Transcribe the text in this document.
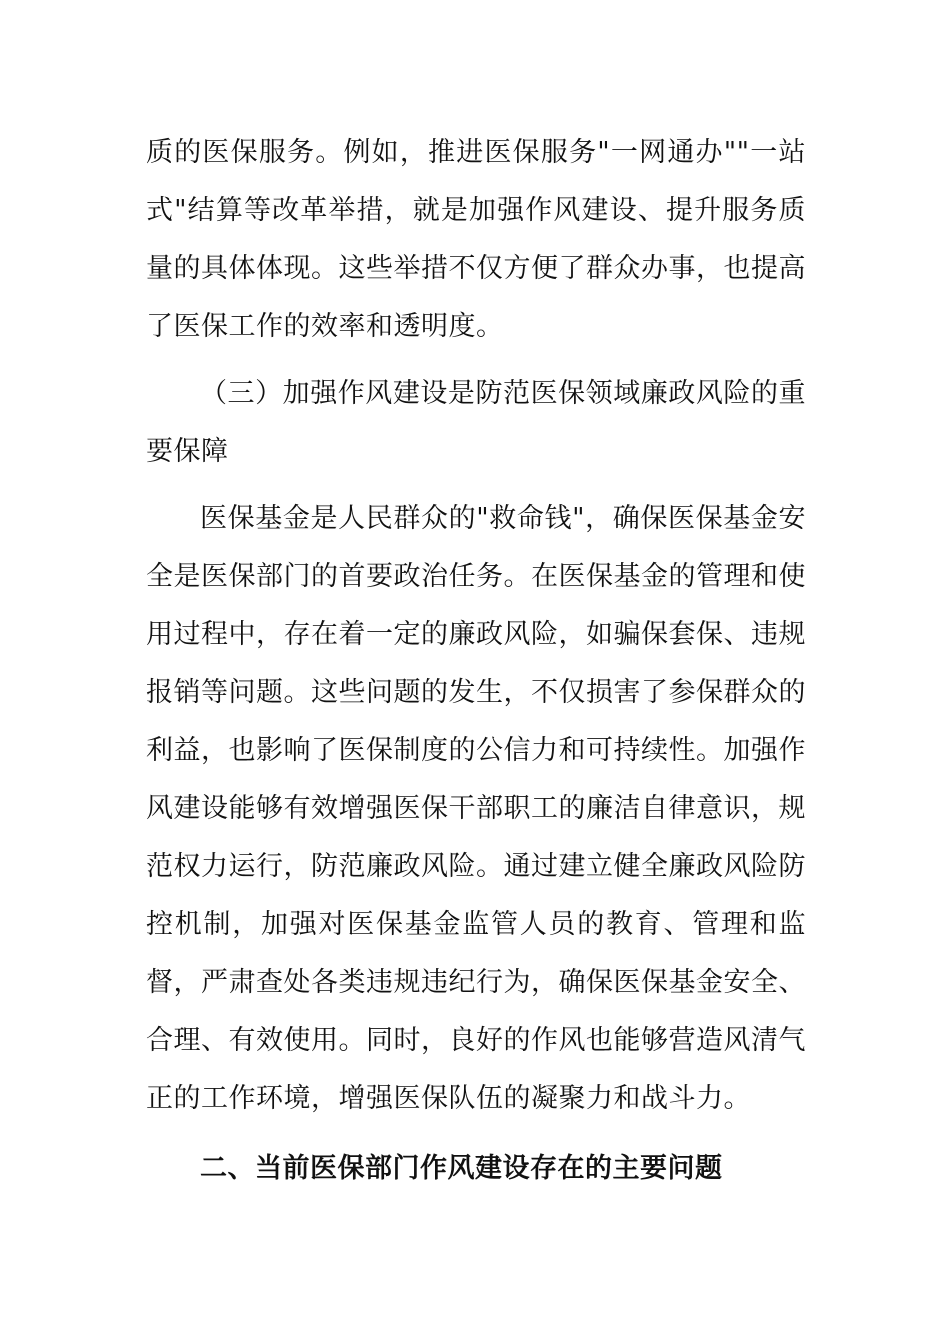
质的医保服务。例如，推进医保服务"一网通办""一站式"结算等改革举措，就是加强作风建设、提升服务质量的具体体现。这些举措不仅方便了群众办事，也提高了医保工作的效率和透明度。

（三）加强作风建设是防范医保领域廉政风险的重要保障

医保基金是人民群众的"救命钱"，确保医保基金安全是医保部门的首要政治任务。在医保基金的管理和使用过程中，存在着一定的廉政风险，如骗保套保、违规报销等问题。这些问题的发生，不仅损害了参保群众的利益，也影响了医保制度的公信力和可持续性。加强作风建设能够有效增强医保干部职工的廉洁自律意识，规范权力运行，防范廉政风险。通过建立健全廉政风险防控机制，加强对医保基金监管人员的教育、管理和监督，严肃查处各类违规违纪行为，确保医保基金安全、合理、有效使用。同时，良好的作风也能够营造风清气正的工作环境，增强医保队伍的凝聚力和战斗力。

二、当前医保部门作风建设存在的主要问题
